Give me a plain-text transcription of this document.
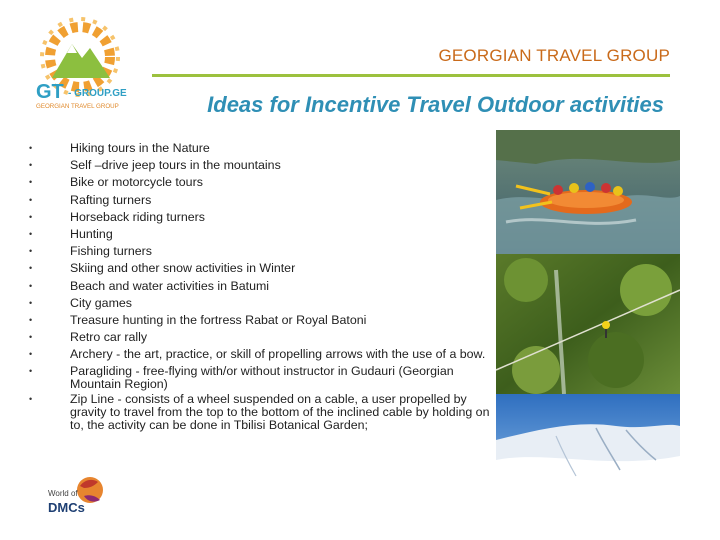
GT - GROUP.GE
GEORGIAN TRAVEL GROUP
GEORGIAN TRAVEL GROUP
Ideas for Incentive Travel Outdoor activities
•	Hiking tours in the Nature
•	Self –drive jeep tours in the mountains
•	Bike or motorcycle tours
•	Rafting turners
•	Horseback riding turners
•	Hunting
•	Fishing turners
•	Skiing and other snow activities in Winter
•	Beach and water activities in Batumi
•	City games
•	Treasure hunting in the fortress Rabat or Royal Batoni
•	Retro car rally
•	Archery - the art, practice, or skill of propelling arrows with the use of a bow.
•	Paragliding - free-flying with/or without instructor in Gudauri (Georgian Mountain Region)
•	Zip Line - consists of a wheel suspended on a cable, a user propelled by gravity to travel from the top to the bottom of the inclined cable by holding on to, the activity can be done in Tbilisi Botanical Garden;
World of
DMCs
